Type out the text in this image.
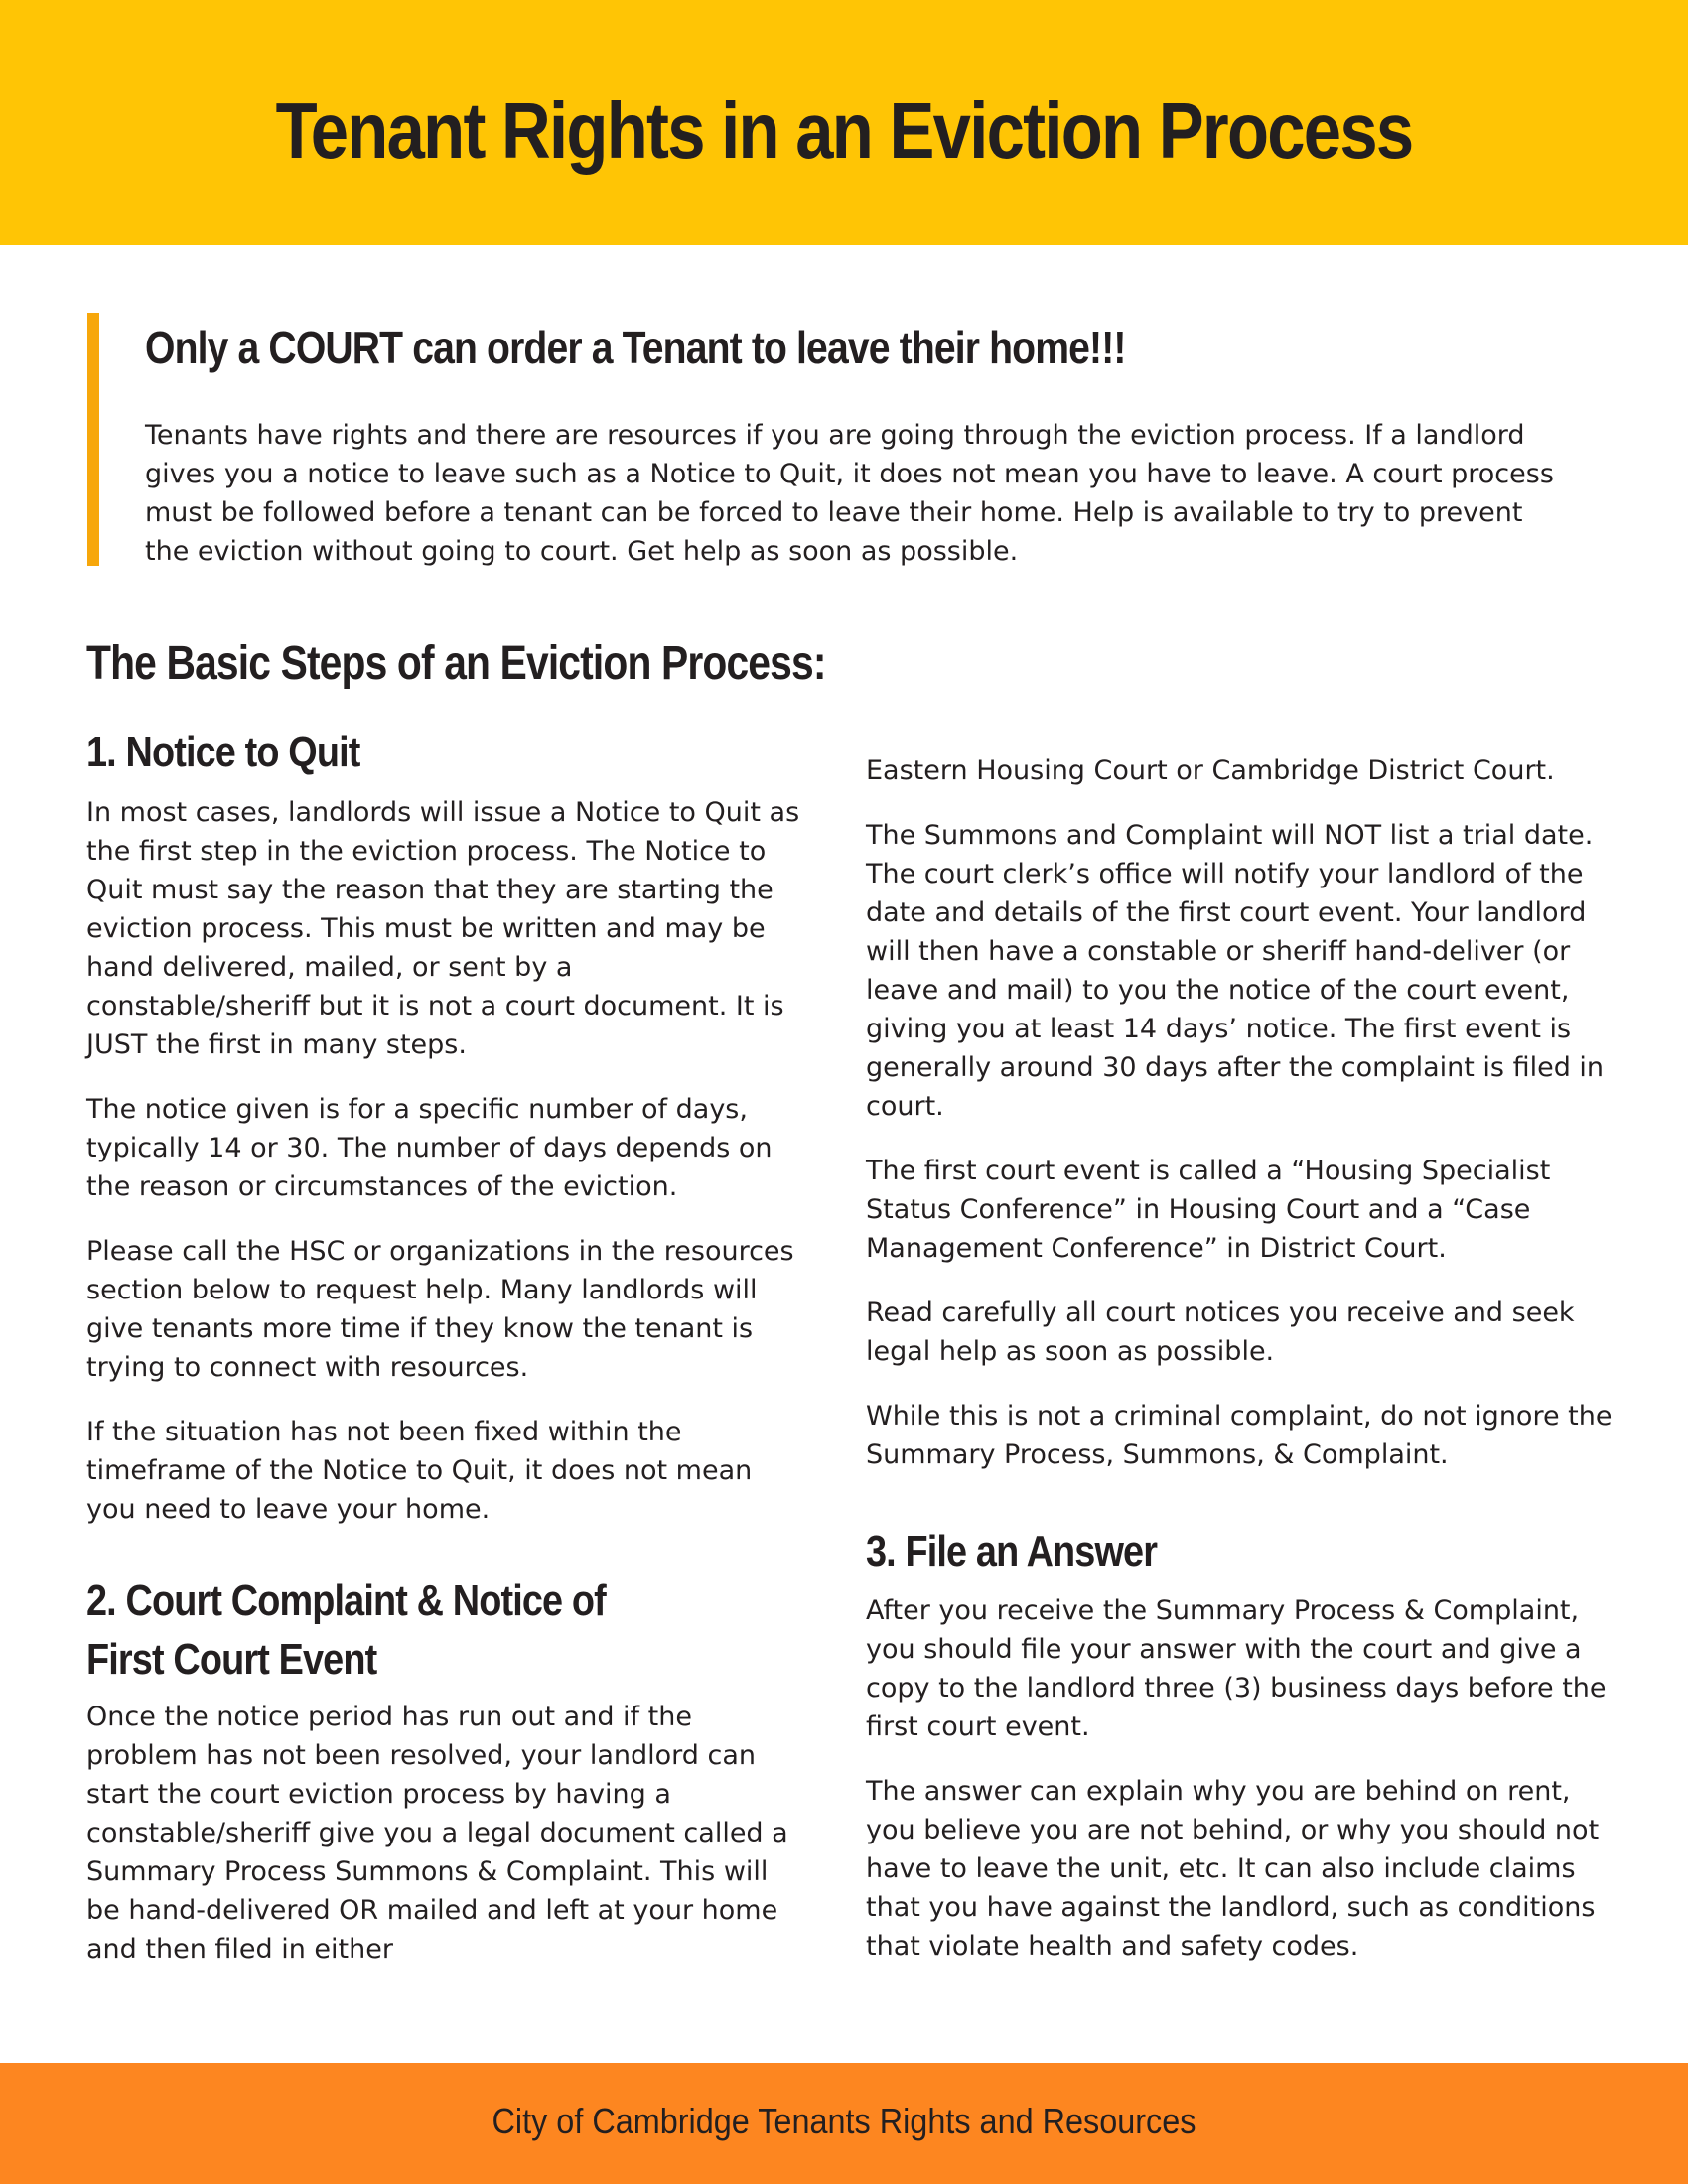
Tenant Rights in an Eviction Process
Only a COURT can order a Tenant to leave their home!!!

Tenants have rights and there are resources if you are going through the eviction process. If a landlord gives you a notice to leave such as a Notice to Quit, it does not mean you have to leave. A court process must be followed before a tenant can be forced to leave their home. Help is available to try to prevent the eviction without going to court. Get help as soon as possible.

The Basic Steps of an Eviction Process:
1. Notice to Quit

In most cases, landlords will issue a Notice to Quit as the first step in the eviction process. The Notice to Quit must say the reason that they are starting the eviction process. This must be written and may be hand delivered, mailed, or sent by a constable/sheriff but it is not a court document. It is JUST the first in many steps.

The notice given is for a specific number of days, typically 14 or 30. The number of days depends on the reason or circumstances of the eviction.

Please call the HSC or organizations in the resources section below to request help. Many landlords will give tenants more time if they know the tenant is trying to connect with resources.

If the situation has not been fixed within the timeframe of the Notice to Quit, it does not mean you need to leave your home.

2. Court Complaint & Notice of
First Court Event

Once the notice period has run out and if the problem has not been resolved, your landlord can start the court eviction process by having a constable/sheriff give you a legal document called a Summary Process Summons & Complaint. This will be hand-delivered OR mailed and left at your home and then filed in either

Eastern Housing Court or Cambridge District Court.

The Summons and Complaint will NOT list a trial date. The court clerk’s office will notify your landlord of the date and details of the first court event. Your landlord will then have a constable or sheriff hand-deliver (or leave and mail) to you the notice of the court event, giving you at least 14 days’ notice. The first event is generally around 30 days after the complaint is filed in court.

The first court event is called a “Housing Specialist Status Conference” in Housing Court and a “Case Management Conference” in District Court.

Read carefully all court notices you receive and seek legal help as soon as possible.

While this is not a criminal complaint, do not ignore the Summary Process, Summons, & Complaint.

3. File an Answer

After you receive the Summary Process & Complaint, you should file your answer with the court and give a copy to the landlord three (3) business days before the first court event.

The answer can explain why you are behind on rent, you believe you are not behind, or why you should not have to leave the unit, etc. It can also include claims that you have against the landlord, such as conditions that violate health and safety codes.

City of Cambridge Tenants Rights and Resources
